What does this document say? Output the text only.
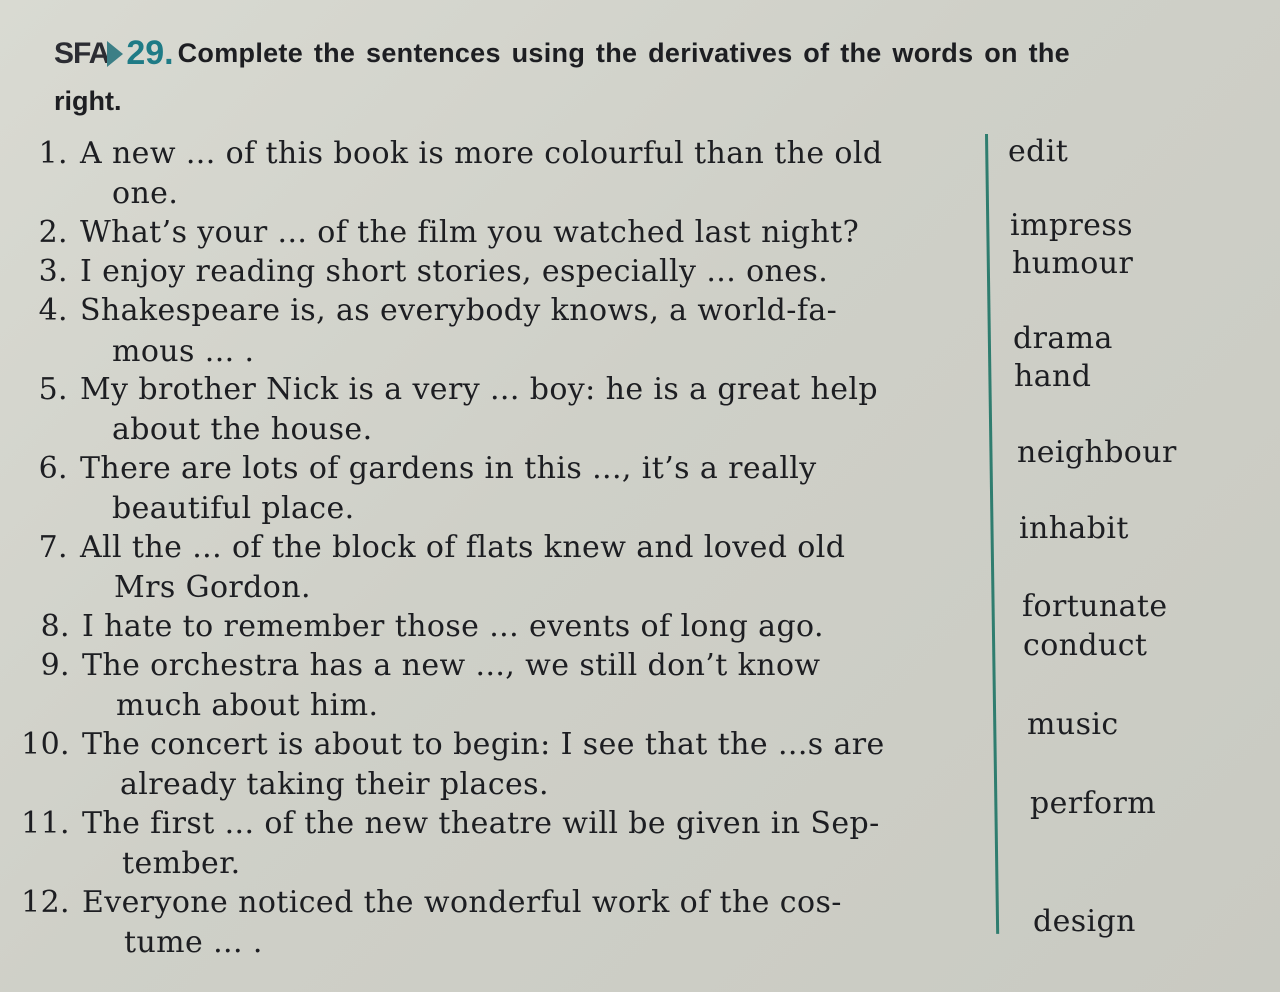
SFA 29. Complete the sentences using the derivatives of the words on the
right.
1. A new ... of this book is more colourful than the old
one.
2. What’s your ... of the film you watched last night?
3. I enjoy reading short stories, especially ... ones.
4. Shakespeare is, as everybody knows, a world-fa-
mous ... .
5. My brother Nick is a very ... boy: he is a great help
about the house.
6. There are lots of gardens in this ..., it’s a really
beautiful place.
7. All the ... of the block of flats knew and loved old
Mrs Gordon.
8. I hate to remember those ... events of long ago.
9. The orchestra has a new ..., we still don’t know
much about him.
10. The concert is about to begin: I see that the ...s are
already taking their places.
11. The first ... of the new theatre will be given in Sep-
tember.
12. Everyone noticed the wonderful work of the cos-
tume ... .
edit
impress
humour
drama
hand
neighbour
inhabit
fortunate
conduct
music
perform
design
